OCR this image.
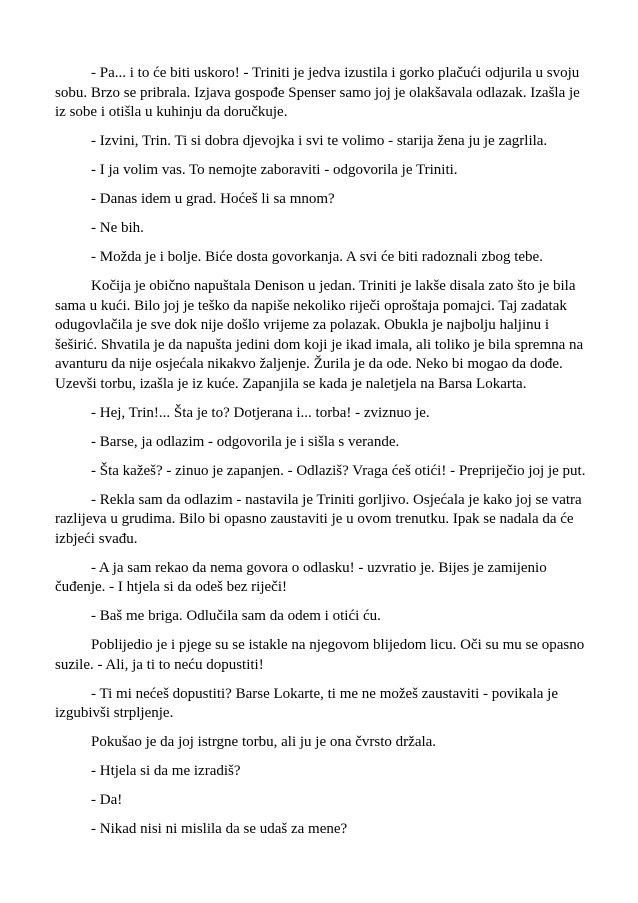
- Pa... i to će biti uskoro! - Triniti je jedva izustila i gorko plačući odjurila u svoju sobu. Brzo se pribrala. Izjava gospođe Spenser samo joj je olakšavala odlazak. Izašla je iz sobe i otišla u kuhinju da doručkuje.

- Izvini, Trin. Ti si dobra djevojka i svi te volimo - starija žena ju je zagrlila.

- I ja volim vas. To nemojte zaboraviti - odgovorila je Triniti.

- Danas idem u grad. Hoćeš li sa mnom?

- Ne bih.

- Možda je i bolje. Biće dosta govorkanja. A svi će biti radoznali zbog tebe.

Kočija je obično napuštala Denison u jedan. Triniti je lakše disala zato što je bila sama u kući. Bilo joj je teško da napiše nekoliko riječi oproštaja pomajci. Taj zadatak odugovlačila je sve dok nije došlo vrijeme za polazak. Obukla je najbolju haljinu i šeširić. Shvatila je da napušta jedini dom koji je ikad imala, ali toliko je bila spremna na avanturu da nije osjećala nikakvo žaljenje. Žurila je da ode. Neko bi mogao da dođe. Uzevši torbu, izašla je iz kuće. Zapanjila se kada je naletjela na Barsa Lokarta.

- Hej, Trin!... Šta je to? Dotjerana i... torba! - zviznuo je.

- Barse, ja odlazim - odgovorila je i sišla s verande.

- Šta kažeš? - zinuo je zapanjen. - Odlaziš? Vraga ćeš otići! - Prepriječio joj je put.

- Rekla sam da odlazim - nastavila je Triniti gorljivo. Osjećala je kako joj se vatra razlijeva u grudima. Bilo bi opasno zaustaviti je u ovom trenutku. Ipak se nadala da će izbjeći svađu.

- A ja sam rekao da nema govora o odlasku! - uzvratio je. Bijes je zamijenio čuđenje. - I htjela si da odeš bez riječi!

- Baš me briga. Odlučila sam da odem i otići ću.

Poblijedio je i pjege su se istakle na njegovom blijedom licu. Oči su mu se opasno suzile. - Ali, ja ti to neću dopustiti!

- Ti mi nećeš dopustiti? Barse Lokarte, ti me ne možeš zaustaviti - povikala je izgubivši strpljenje.

Pokušao je da joj istrgne torbu, ali ju je ona čvrsto držala.

- Htjela si da me izradiš?

- Da!

- Nikad nisi ni mislila da se udaš za mene?
